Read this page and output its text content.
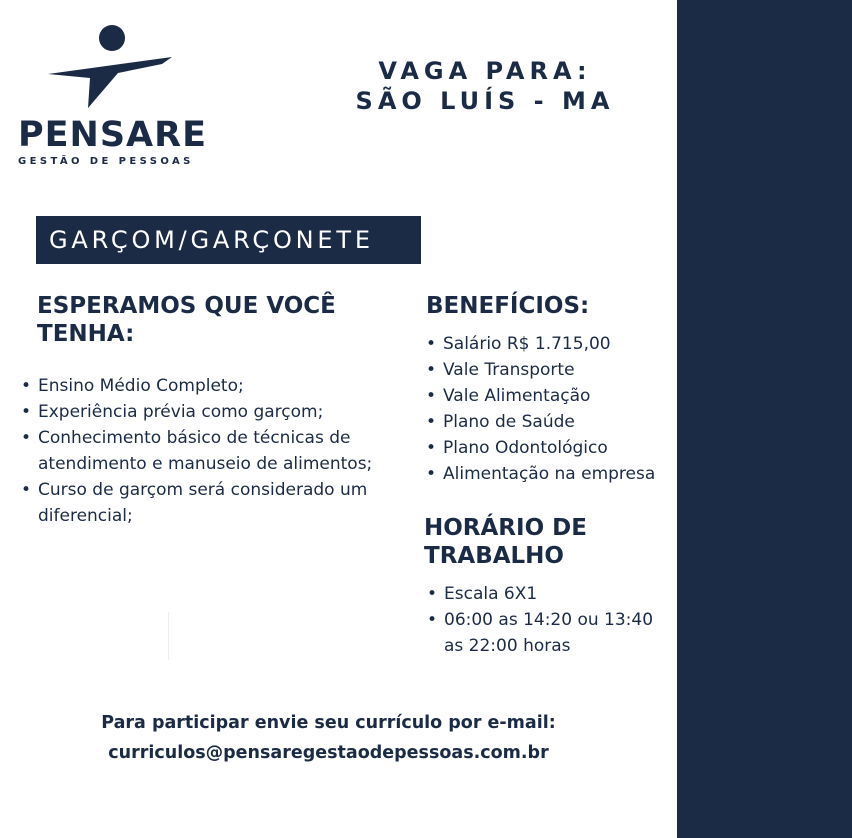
PENSARE
GESTÃO DE PESSOAS
VAGA PARA:
SÃO LUÍS - MA
GARÇOM/GARÇONETE
ESPERAMOS QUE VOCÊ
TENHA:
• Ensino Médio Completo;
• Experiência prévia como garçom;
• Conhecimento básico de técnicas de atendimento e manuseio de alimentos;
• Curso de garçom será considerado um diferencial;
BENEFÍCIOS:
• Salário R$ 1.715,00
• Vale Transporte
• Vale Alimentação
• Plano de Saúde
• Plano Odontológico
• Alimentação na empresa
HORÁRIO DE
TRABALHO
• Escala 6X1
• 06:00 as 14:20 ou 13:40 as 22:00 horas
Para participar envie seu currículo por e-mail:
curriculos@pensaregestaodepessoas.com.br
